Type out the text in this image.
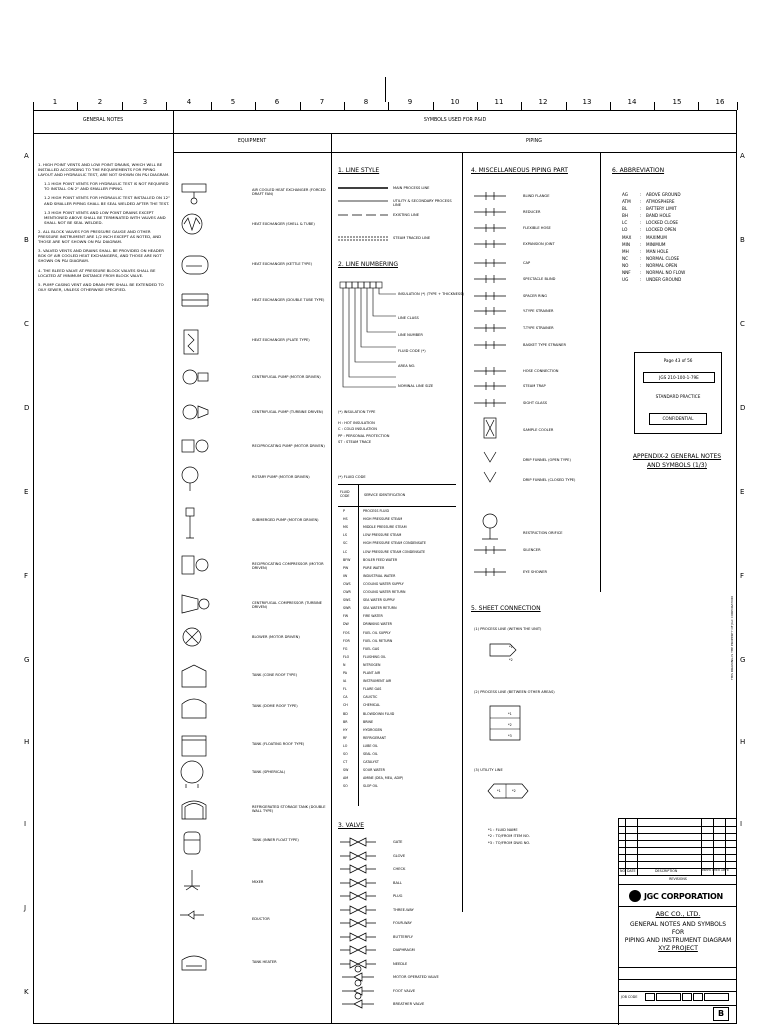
GENERAL NOTES	SYMBOLS USED FOR P&ID
EQUIPMENT	PIPING
1. HIGH POINT VENTS AND LOW POINT DRAINS, WHICH WILL BE INSTALLED ACCORDING TO THE REQUIREMENTS FOR PIPING LAYOUT AND HYDRAULIC TEST, ARE NOT SHOWN ON P&I DIAGRAM.
1.1 HIGH POINT VENTS FOR HYDRAULIC TEST IS NOT REQUIRED TO INSTALL ON 2" AND SMALLER PIPING.
1.2 HIGH POINT VENTS FOR HYDRAULIC TEST INSTALLED ON 12" AND SMALLER PIPING SHALL BE SEAL WELDED AFTER THE TEST.
1.3 HIGH POINT VENTS AND LOW POINT DRAINS EXCEPT MENTIONED ABOVE SHALL BE TERMINATED WITH VALVES AND SHALL NOT BE SEAL WELDED.
2. ALL BLOCK VALVES FOR PRESSURE GAUGE AND OTHER PRESSURE INSTRUMENT ARE 1/2 INCH EXCEPT AS NOTED, AND THOSE ARE NOT SHOWN ON P&I DIAGRAM.
3. VALVED VENTS AND DRAINS SHALL BE PROVIDED ON HEADER BOX OF AIR COOLED HEAT EXCHANGERS, AND THOSE ARE NOT SHOWN ON P&I DIAGRAM.
4. THE BLEED VALVE AT PRESSURE BLOCK VALVES SHALL BE LOCATED AT MINIMUM DISTANCE FROM BLOCK VALVE.
5. PUMP CASING VENT AND DRAIN PIPE SHALL BE EXTENDED TO OILY SEWER, UNLESS OTHERWISE SPECIFIED.
1. LINE STYLE
2. LINE NUMBERING
(*) INSULATION TYPE
H : HOT INSULATION
C : COLD INSULATION
PP : PERSONAL PROTECTION
ST : STEAM TRACE
(*) FLUID CODE
FLUID CODE	SERVICE IDENTIFICATION
3. VALVE
4. MISCELLANEOUS PIPING PART
5. SHEET CONNECTION
(1) PROCESS LINE (WITHIN THE UNIT)
*1
*2
(2) PROCESS LINE (BETWEEN OTHER AREAS)
*1
*2
*3
(3) UTILITY LINE
*1	*2
*1 : FLUID NAME
*2 : TO/FROM ITEM NO.
*3 : TO/FROM DWG NO.
6. ABBREVIATION
AG	:	ABOVE GROUND
ATM	:	ATMOSPHERE
BL	:	BATTERY LIMIT
BH	:	BAND HOLE
LC	:	LOCKED CLOSE
LO	:	LOCKED OPEN
MAX	:	MAXIMUM
MIN	:	MINIMUM
MH	:	MAN HOLE
NC	:	NORMAL CLOSE
NO	:	NORMAL OPEN
NNF	:	NORMAL NO FLOW
UG	:	UNDER GROUND
Page 43 of 56
JGS 210-100-1-79E
STANDARD PRACTICE
CONFIDENTIAL
APPENDIX-2 GENERAL NOTES
AND SYMBOLS (1/3)
NO. DATE	DESCRIPTION	PREP'D CHK'D APP'D
REVISIONS
JGC CORPORATION
ABC CO., LTD.
GENERAL NOTES AND SYMBOLS
FOR
PIPING AND INSTRUMENT DIAGRAM
XYZ PROJECT
JOB CODE
B
THIS DRAWING IS THE PROPERTY OF JGC CORPORATION
1	2	3	4	5	6	7	8	9	10	11	12	13	14	15	16
A	A
B	B
C	C
D	D
E	E
F	F
G	G
H	H
I	I
J
K
AIR COOLED HEAT EXCHANGER (FORCED DRAFT FAN)
HEAT EXCHANGER (SHELL & TUBE)
HEAT EXCHANGER (KETTLE TYPE)
HEAT EXCHANGER (DOUBLE TUBE TYPE)
HEAT EXCHANGER (PLATE TYPE)
CENTRIFUGAL PUMP (MOTOR DRIVEN)
CENTRIFUGAL PUMP (TURBINE DRIVEN)
RECIPROCATING PUMP (MOTOR DRIVEN)
ROTARY PUMP (MOTOR DRIVEN)
SUBMERGED PUMP (MOTOR DRIVEN)
RECIPROCATING COMPRESSOR (MOTOR DRIVEN)
CENTRIFUGAL COMPRESSOR (TURBINE DRIVEN)
BLOWER (MOTOR DRIVEN)
TANK (CONE ROOF TYPE)
TANK (DOME ROOF TYPE)
TANK (FLOATING ROOF TYPE)
TANK (SPHERICAL)
REFRIGERATED STORAGE TANK (DOUBLE WALL TYPE)
TANK (INNER FLOAT TYPE)
MIXER
EDUCTOR
TANK HEATER
MAIN PROCESS LINE
UTILITY & SECONDARY PROCESS LINE
EXISTING LINE
STEAM TRACED LINE
INSULATION (*) (TYPE + THICKNESS)
LINE CLASS
LINE NUMBER
FLUID CODE (*)
AREA NO.
NOMINAL LINE SIZE
P	PROCESS FLUID
HS	HIGH PRESSURE STEAM
MS	MIDDLE PRESSURE STEAM
LS	LOW PRESSURE STEAM
SC	HIGH PRESSURE STEAM CONDENSATE
LC	LOW PRESSURE STEAM CONDENSATE
BFW	BOILER FEED WATER
PW	PURE WATER
IW	INDUSTRIAL WATER
CWS	COOLING WATER SUPPLY
CWR	COOLING WATER RETURN
SWS	SEA WATER SUPPLY
SWR	SEA WATER RETURN
FW	FIRE WATER
DW	DRINKING WATER
FOS	FUEL OIL SUPPLY
FOR	FUEL OIL RETURN
FG	FUEL GAS
FLO	FLUSHING OIL
N	NITROGEN
PA	PLANT AIR
IA	INSTRUMENT AIR
FL	FLARE GAS
CA	CAUSTIC
CH	CHEMICAL
BD	BLOWDOWN FLUID
BR	BRINE
HY	HYDROGEN
RF	REFRIGERANT
LO	LUBE OIL
SO	SEAL OIL
CT	CATALYST
SW	SOUR WATER
AM	AMINE (DEA, MEA, ADIP)
SO	SLOP OIL
GATE
GLOVE
CHECK
BALL
PLUG
THREE-WAY
FOUR-WAY
BUTTERFLY
DIAPHRAGM
NEEDLE
MOTOR OPERATED VALVE
FOOT VALVE
BREATHER VALVE
BLIND FLANGE
REDUCER
FLEXIBLE HOSE
EXPANSION JOINT
CAP
SPECTACLE BLIND
SPACER RING
Y-TYPE STRAINER
T-TYPE STRAINER
BASKET TYPE STRAINER
HOSE CONNECTION
STEAM TRAP
SIGHT GLASS
SAMPLE COOLER
DRIP FUNNEL (OPEN TYPE)
DRIP FUNNEL (CLOSED TYPE)
RESTRICTION ORIFICE
SILENCER
EYE SHOWER
